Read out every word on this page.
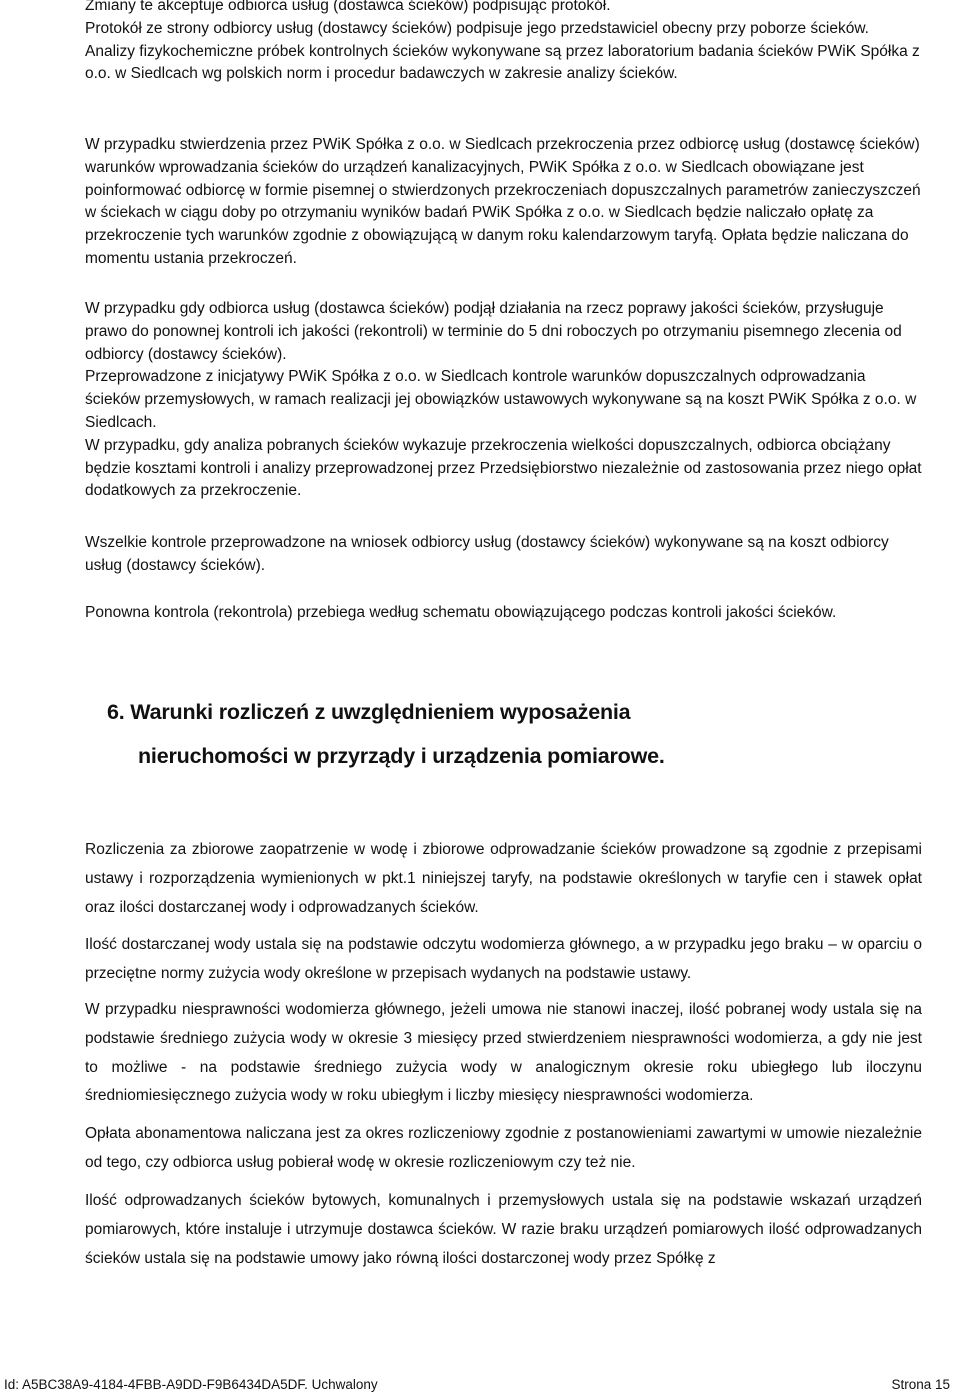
Zmiany te akceptuje odbiorca usług (dostawca ścieków) podpisując protokół.
Protokół ze strony odbiorcy usług (dostawcy ścieków) podpisuje jego przedstawiciel obecny przy poborze ścieków.
Analizy fizykochemiczne próbek kontrolnych ścieków wykonywane są przez laboratorium badania ścieków PWiK Spółka z o.o. w Siedlcach wg polskich norm i procedur badawczych w zakresie analizy ścieków.
W przypadku stwierdzenia przez PWiK Spółka z o.o. w Siedlcach przekroczenia przez odbiorcę usług (dostawcę ścieków) warunków wprowadzania ścieków do urządzeń kanalizacyjnych, PWiK Spółka z o.o. w Siedlcach obowiązane jest poinformować odbiorcę w formie pisemnej o stwierdzonych przekroczeniach dopuszczalnych parametrów zanieczyszczeń w ściekach w ciągu doby po otrzymaniu wyników badań PWiK Spółka z o.o. w Siedlcach będzie naliczało opłatę za przekroczenie tych warunków zgodnie z obowiązującą w danym roku kalendarzowym taryfą. Opłata będzie naliczana do momentu ustania przekroczeń.
W przypadku gdy odbiorca usług (dostawca ścieków) podjął działania na rzecz poprawy jakości ścieków, przysługuje prawo do ponownej kontroli ich jakości (rekontroli) w terminie do 5 dni roboczych po otrzymaniu pisemnego zlecenia od odbiorcy (dostawcy ścieków).
Przeprowadzone z inicjatywy PWiK Spółka z o.o. w Siedlcach kontrole warunków dopuszczalnych odprowadzania ścieków przemysłowych, w ramach realizacji jej obowiązków ustawowych wykonywane są na koszt PWiK Spółka z o.o. w Siedlcach.
W przypadku, gdy analiza pobranych ścieków wykazuje przekroczenia wielkości dopuszczalnych, odbiorca obciążany będzie kosztami kontroli i analizy przeprowadzonej przez Przedsiębiorstwo niezależnie od zastosowania przez niego opłat dodatkowych za przekroczenie.
Wszelkie kontrole przeprowadzone na wniosek odbiorcy usług (dostawcy ścieków) wykonywane są na koszt odbiorcy usług (dostawcy ścieków).
Ponowna kontrola (rekontrola) przebiega według schematu obowiązującego podczas kontroli jakości ścieków.
6. Warunki rozliczeń z uwzględnieniem wyposażenia
nieruchomości w przyrządy i urządzenia pomiarowe.
Rozliczenia za zbiorowe zaopatrzenie w wodę i zbiorowe odprowadzanie ścieków prowadzone są zgodnie z przepisami ustawy i rozporządzenia wymienionych w pkt.1 niniejszej taryfy, na podstawie określonych w taryfie cen i stawek opłat oraz ilości dostarczanej wody i odprowadzanych ścieków.
Ilość dostarczanej wody ustala się na podstawie odczytu wodomierza głównego, a w przypadku jego braku – w oparciu o przeciętne normy zużycia wody określone w przepisach wydanych na podstawie ustawy.
W przypadku niesprawności wodomierza głównego, jeżeli umowa nie stanowi inaczej, ilość pobranej wody ustala się na podstawie średniego zużycia wody w okresie 3 miesięcy przed stwierdzeniem niesprawności wodomierza, a gdy nie jest to możliwe - na podstawie średniego zużycia wody w analogicznym okresie roku ubiegłego lub iloczynu średniomiesięcznego zużycia wody w roku ubiegłym i liczby miesięcy niesprawności wodomierza.
Opłata abonamentowa naliczana jest za okres rozliczeniowy zgodnie z postanowieniami zawartymi w umowie niezależnie od tego, czy odbiorca usług pobierał wodę w okresie rozliczeniowym czy też nie.
Ilość odprowadzanych ścieków bytowych, komunalnych i przemysłowych ustala się na podstawie wskazań urządzeń pomiarowych, które instaluje i utrzymuje dostawca ścieków. W razie braku urządzeń pomiarowych ilość odprowadzanych ścieków ustala się na podstawie umowy jako równą ilości dostarczonej wody przez Spółkę z
Id: A5BC38A9-4184-4FBB-A9DD-F9B6434DA5DF. Uchwalony	Strona 15
